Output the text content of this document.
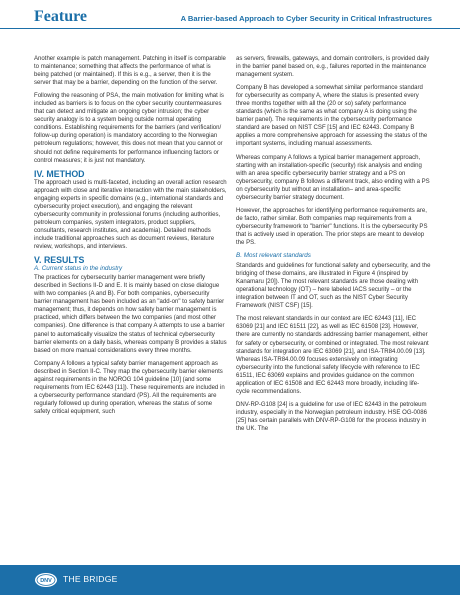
Feature	A Barrier-based Approach to Cyber Security in Critical Infrastructures

Another example is patch management. Patching in itself is comparable to maintenance; something that affects the performance of what is being patched (or maintained). If this is e.g., a server, then it is the server that may be a barrier, depending on the function of the server.

Following the reasoning of PSA, the main motivation for limiting what is included as barriers is to focus on the cyber security countermeasures that can detect and mitigate an ongoing cyber intrusion; the cyber security analogy is to a system being outside normal operating conditions. Establishing requirements for the barriers (and verification/ follow-up during operation) is mandatory according to the Norwegian petroleum regulations; however, this does not mean that you cannot or should not define requirements for performance influencing factors or control measures; it is just not mandatory.

IV. METHOD

The approach used is multi-faceted, including an overall action research approach with close and iterative interaction with the main stakeholders, engaging experts in specific domains (e.g., international standards and cybersecurity project execution), and engaging the relevant cybersecurity community in professional forums (including authorities, petroleum companies, system integrators, product suppliers, consultants, research institutes, and academia). Detailed methods include traditional approaches such as document reviews, literature review, workshops, and interviews.

V. RESULTS
A. Current status in the industry

The practices for cybersecurity barrier management were briefly described in Sections II-D and E. It is mainly based on close dialogue with two companies (A and B). For both companies, cybersecurity barrier management has been included as an "add-on" to safety barrier management; thus, it depends on how safety barrier management is practiced, which differs between the two companies (and most other companies). One difference is that company A attempts to use a barrier panel to automatically visualize the status of technical cybersecurity barrier elements on a daily basis, whereas company B provides a status based on more manual considerations every three months.

Company A follows a typical safety barrier management approach as described in Section II-C. They map the cybersecurity barrier elements against requirements in the NOROG 104 guideline [10] (and some requirements from IEC 62443 [11]). These requirements are included in a cybersecurity performance standard (PS). All the requirements are regularly followed up during operation, whereas the status of some safety critical equipment, such

as servers, firewalls, gateways, and domain controllers, is provided daily in the barrier panel based on, e.g., failures reported in the maintenance management system.

Company B has developed a somewhat similar performance standard for cybersecurity as company A, where the status is presented every three months together with all the (20 or so) safety performance standards (which is the same as what company A is doing using the barrier panel). The requirements in the cybersecurity performance standard are based on NIST CSF [15] and IEC 62443. Company B applies a more comprehensive approach for assessing the status of the important systems, including manual assessments.

Whereas company A follows a typical barrier management approach, starting with an installation-specific (security) risk analysis and ending with an area specific cybersecurity barrier strategy and a PS on cybersecurity, company B follows a different track, also ending with a PS on cybersecurity but without an installation– and area-specific cybersecurity barrier strategy document.

However, the approaches for identifying performance requirements are, de facto, rather similar. Both companies map requirements from a cybersecurity framework to "barrier" functions. It is the cybersecurity PS that is actively used in operation. The prior steps are meant to develop the PS.

B. Most relevant standards

Standards and guidelines for functional safety and cybersecurity, and the bridging of these domains, are illustrated in Figure 4 (inspired by Kanamaru [20]). The most relevant standards are those dealing with operational technology (OT) – here labeled IACS security – or the integration between IT and OT, such as the NIST Cyber Security Framework (NIST CSF) [15].

The most relevant standards in our context are IEC 62443 [11], IEC 63069 [21] and IEC 61511 [22], as well as IEC 61508 [23]. However, there are currently no standards addressing barrier management, either for safety or cybersecurity, or combined or integrated. The most relevant standards for integration are IEC 63069 [21], and ISA-TR84.00.09 [13]. Whereas ISA-TR84.00.09 focuses extensively on integrating cybersecurity into the functional safety lifecycle with reference to IEC 61511, IEC 63069 explains and provides guidance on the common application of IEC 61508 and IEC 62443 more broadly, including life-cycle recommendations.

DNV-RP-G108 [24] is a guideline for use of IEC 62443 in the petroleum industry, especially in the Norwegian petroleum industry. HSE OG-0086 [25] has certain parallels with DNV-RP-G108 for the process industry in the UK. The

DNV THE BRIDGE
